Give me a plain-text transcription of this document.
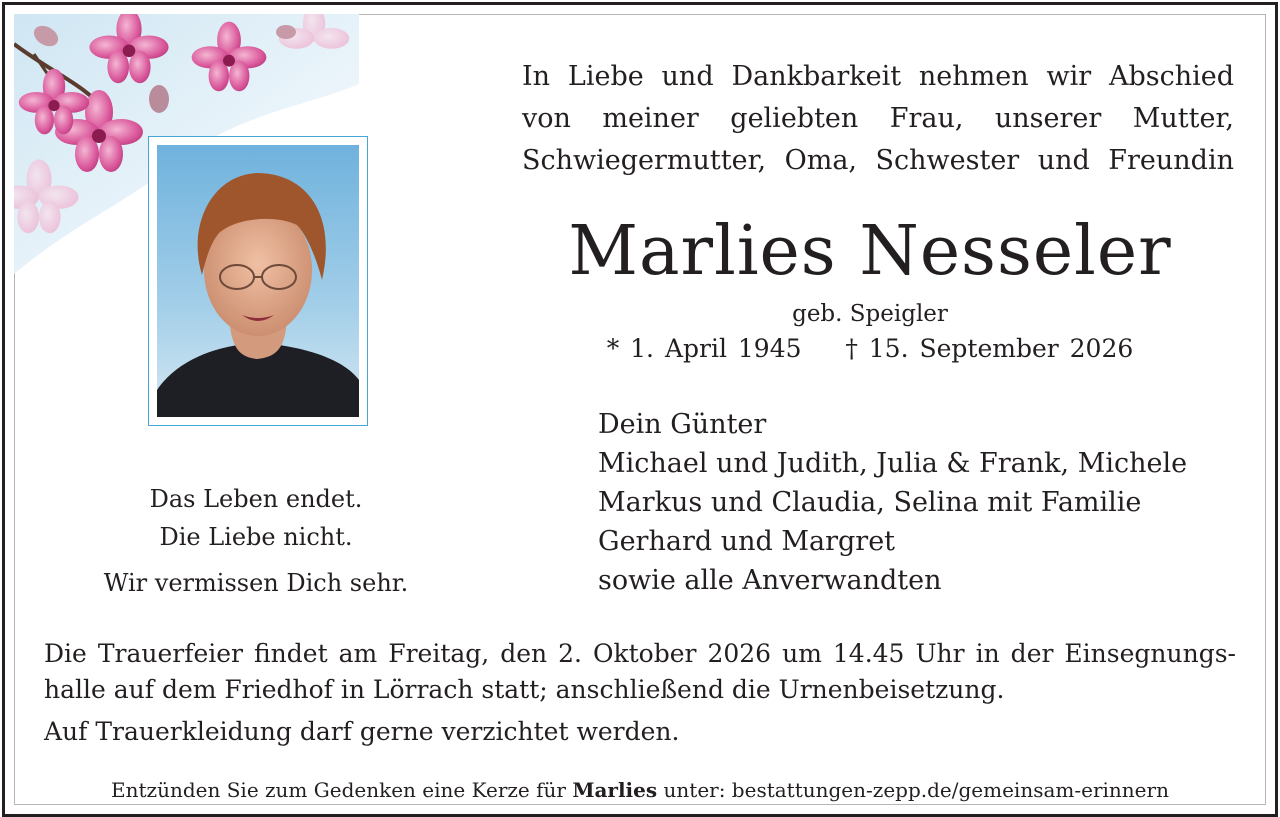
In Liebe und Dankbarkeit nehmen wir Abschied von meiner geliebten Frau, unserer Mutter, Schwiegermutter, Oma, Schwester und Freundin
Marlies Nesseler
geb. Speigler
* 1. April 1945 † 15. September 2026
Dein Günter
Michael und Judith, Julia & Frank, Michele
Markus und Claudia, Selina mit Familie
Gerhard und Margret
sowie alle Anverwandten
Das Leben endet.
Die Liebe nicht.
Wir vermissen Dich sehr.
Die Trauerfeier findet am Freitag, den 2. Oktober 2026 um 14.45 Uhr in der Einsegnungs-
halle auf dem Friedhof in Lörrach statt; anschließend die Urnenbeisetzung.
Auf Trauerkleidung darf gerne verzichtet werden.
Entzünden Sie zum Gedenken eine Kerze für Marlies unter: bestattungen-zepp.de/gemeinsam-erinnern
